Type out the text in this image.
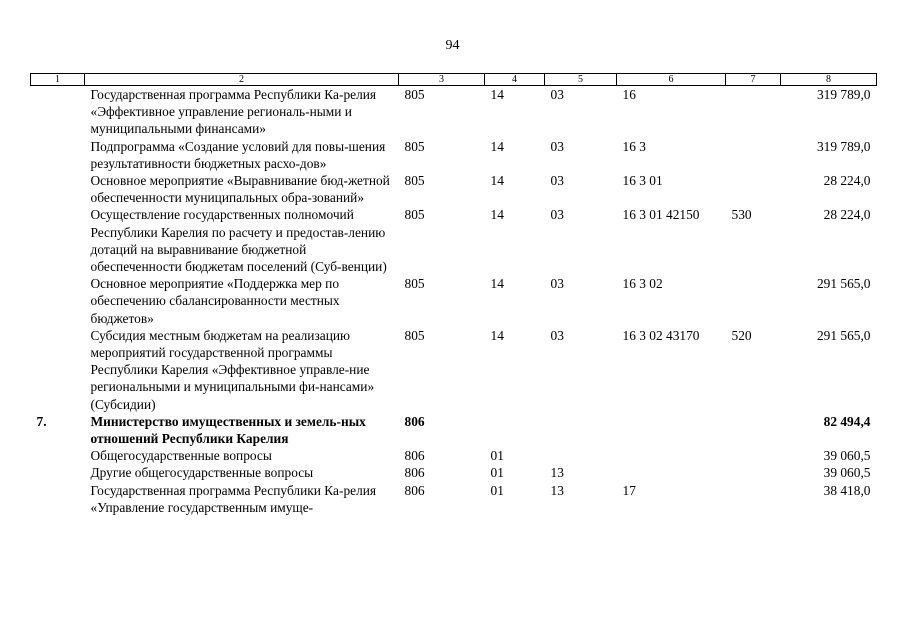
94
1	2	3	4	5	6	7	8
	Государственная программа Республики Ка-релия «Эффективное управление региональ-ными и муниципальными финансами»	805	14	03	16		319 789,0
	Подпрограмма «Создание условий для повы-шения результативности бюджетных расхо-дов»	805	14	03	16 3		319 789,0
	Основное мероприятие «Выравнивание бюд-жетной обеспеченности муниципальных обра-зований»	805	14	03	16 3 01		28 224,0
	Осуществление государственных полномочий Республики Карелия по расчету и предостав-лению дотаций на выравнивание бюджетной обеспеченности бюджетам поселений (Суб-венции)	805	14	03	16 3 01 42150	530	28 224,0
	Основное мероприятие «Поддержка мер по обеспечению сбалансированности местных бюджетов»	805	14	03	16 3 02		291 565,0
	Субсидия местным бюджетам на реализацию мероприятий государственной программы Республики Карелия «Эффективное управле-ние региональными и муниципальными фи-нансами» (Субсидии)	805	14	03	16 3 02 43170	520	291 565,0
7.	Министерство имущественных и земель-ных отношений Республики Карелия	806					82 494,4
	Общегосударственные вопросы	806	01				39 060,5
	Другие общегосударственные вопросы	806	01	13			39 060,5
	Государственная программа Республики Ка-релия «Управление государственным имуще-	806	01	13	17		38 418,0
